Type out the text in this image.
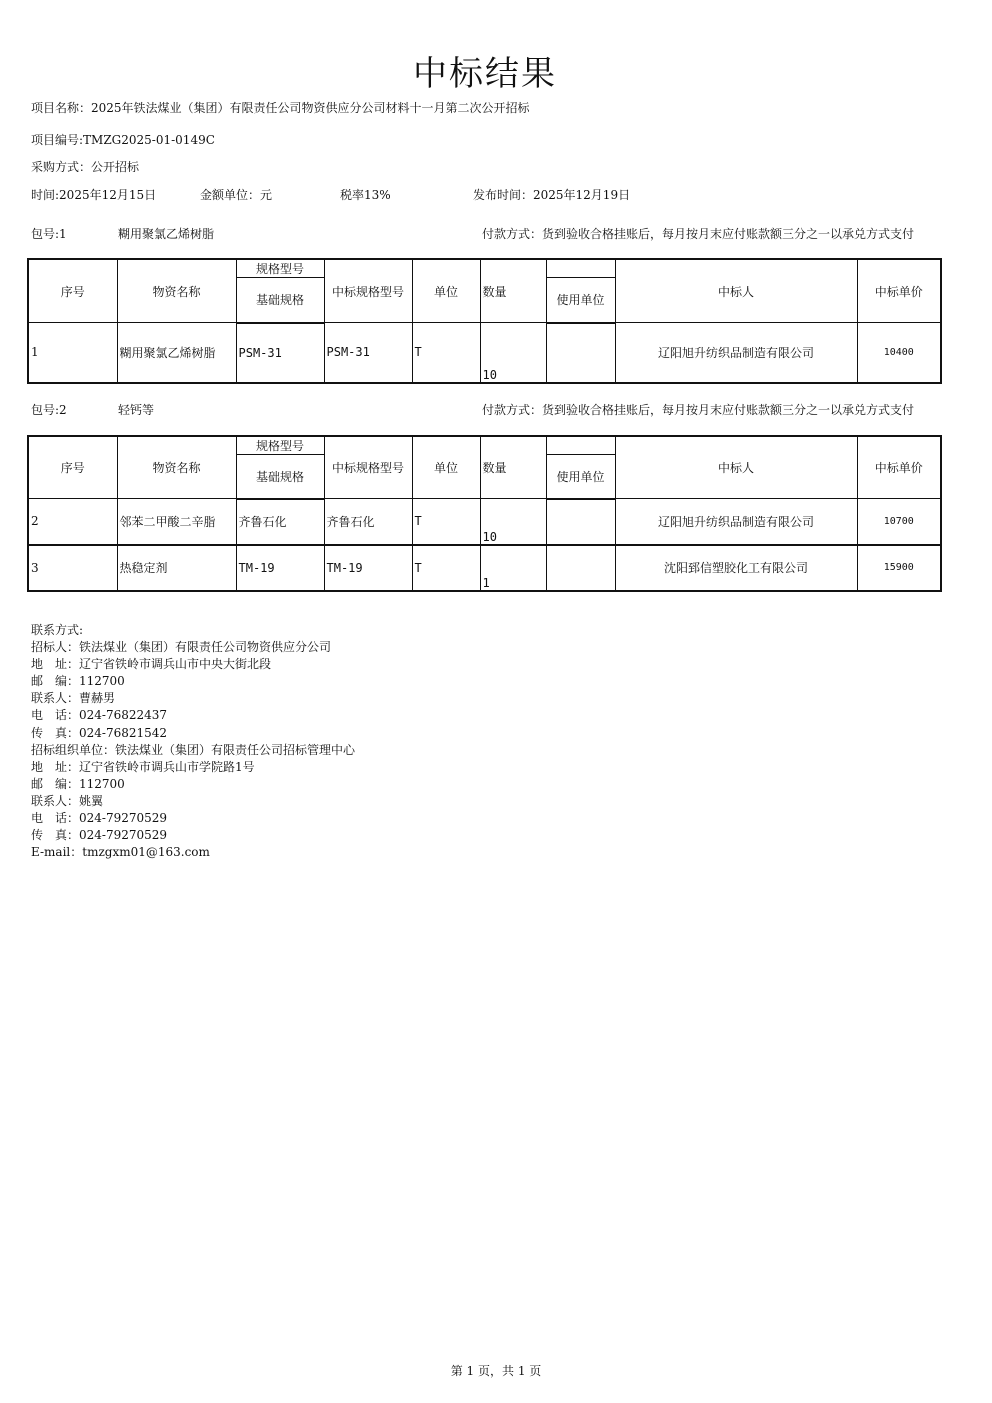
中标结果
项目名称：2025年铁法煤业（集团）有限责任公司物资供应分公司材料十一月第二次公开招标
项目编号:TMZG2025-01-0149C
采购方式：公开招标
时间:2025年12月15日	金额单位：元	税率13%	发布时间：2025年12月19日
包号:1	糊用聚氯乙烯树脂	付款方式：货到验收合格挂账后，每月按月末应付账款额三分之一以承兑方式支付
序号	物资名称	规格型号	中标规格型号	单位	数量		中标人	中标单价
		基础规格				使用单位		
1	糊用聚氯乙烯树脂	PSM-31	PSM-31	T	10		辽阳旭升纺织品制造有限公司	10400
包号:2	轻钙等	付款方式：货到验收合格挂账后，每月按月末应付账款额三分之一以承兑方式支付
序号	物资名称	规格型号	中标规格型号	单位	数量		中标人	中标单价
		基础规格				使用单位		
2	邻苯二甲酸二辛脂	齐鲁石化	齐鲁石化	T	10		辽阳旭升纺织品制造有限公司	10700
3	热稳定剂	TM-19	TM-19	T	1		沈阳郅信塑胶化工有限公司	15900
联系方式:
招标人：铁法煤业（集团）有限责任公司物资供应分公司
地　址：辽宁省铁岭市调兵山市中央大街北段
邮　编：112700
联系人：曹赫男
电　话：024-76822437
传　真：024-76821542
招标组织单位：铁法煤业（集团）有限责任公司招标管理中心
地　址：辽宁省铁岭市调兵山市学院路1号
邮　编：112700
联系人：姚翼
电　话：024-79270529
传　真：024-79270529
E-mail：tmzgxm01@163.com
第 1 页，共 1 页
